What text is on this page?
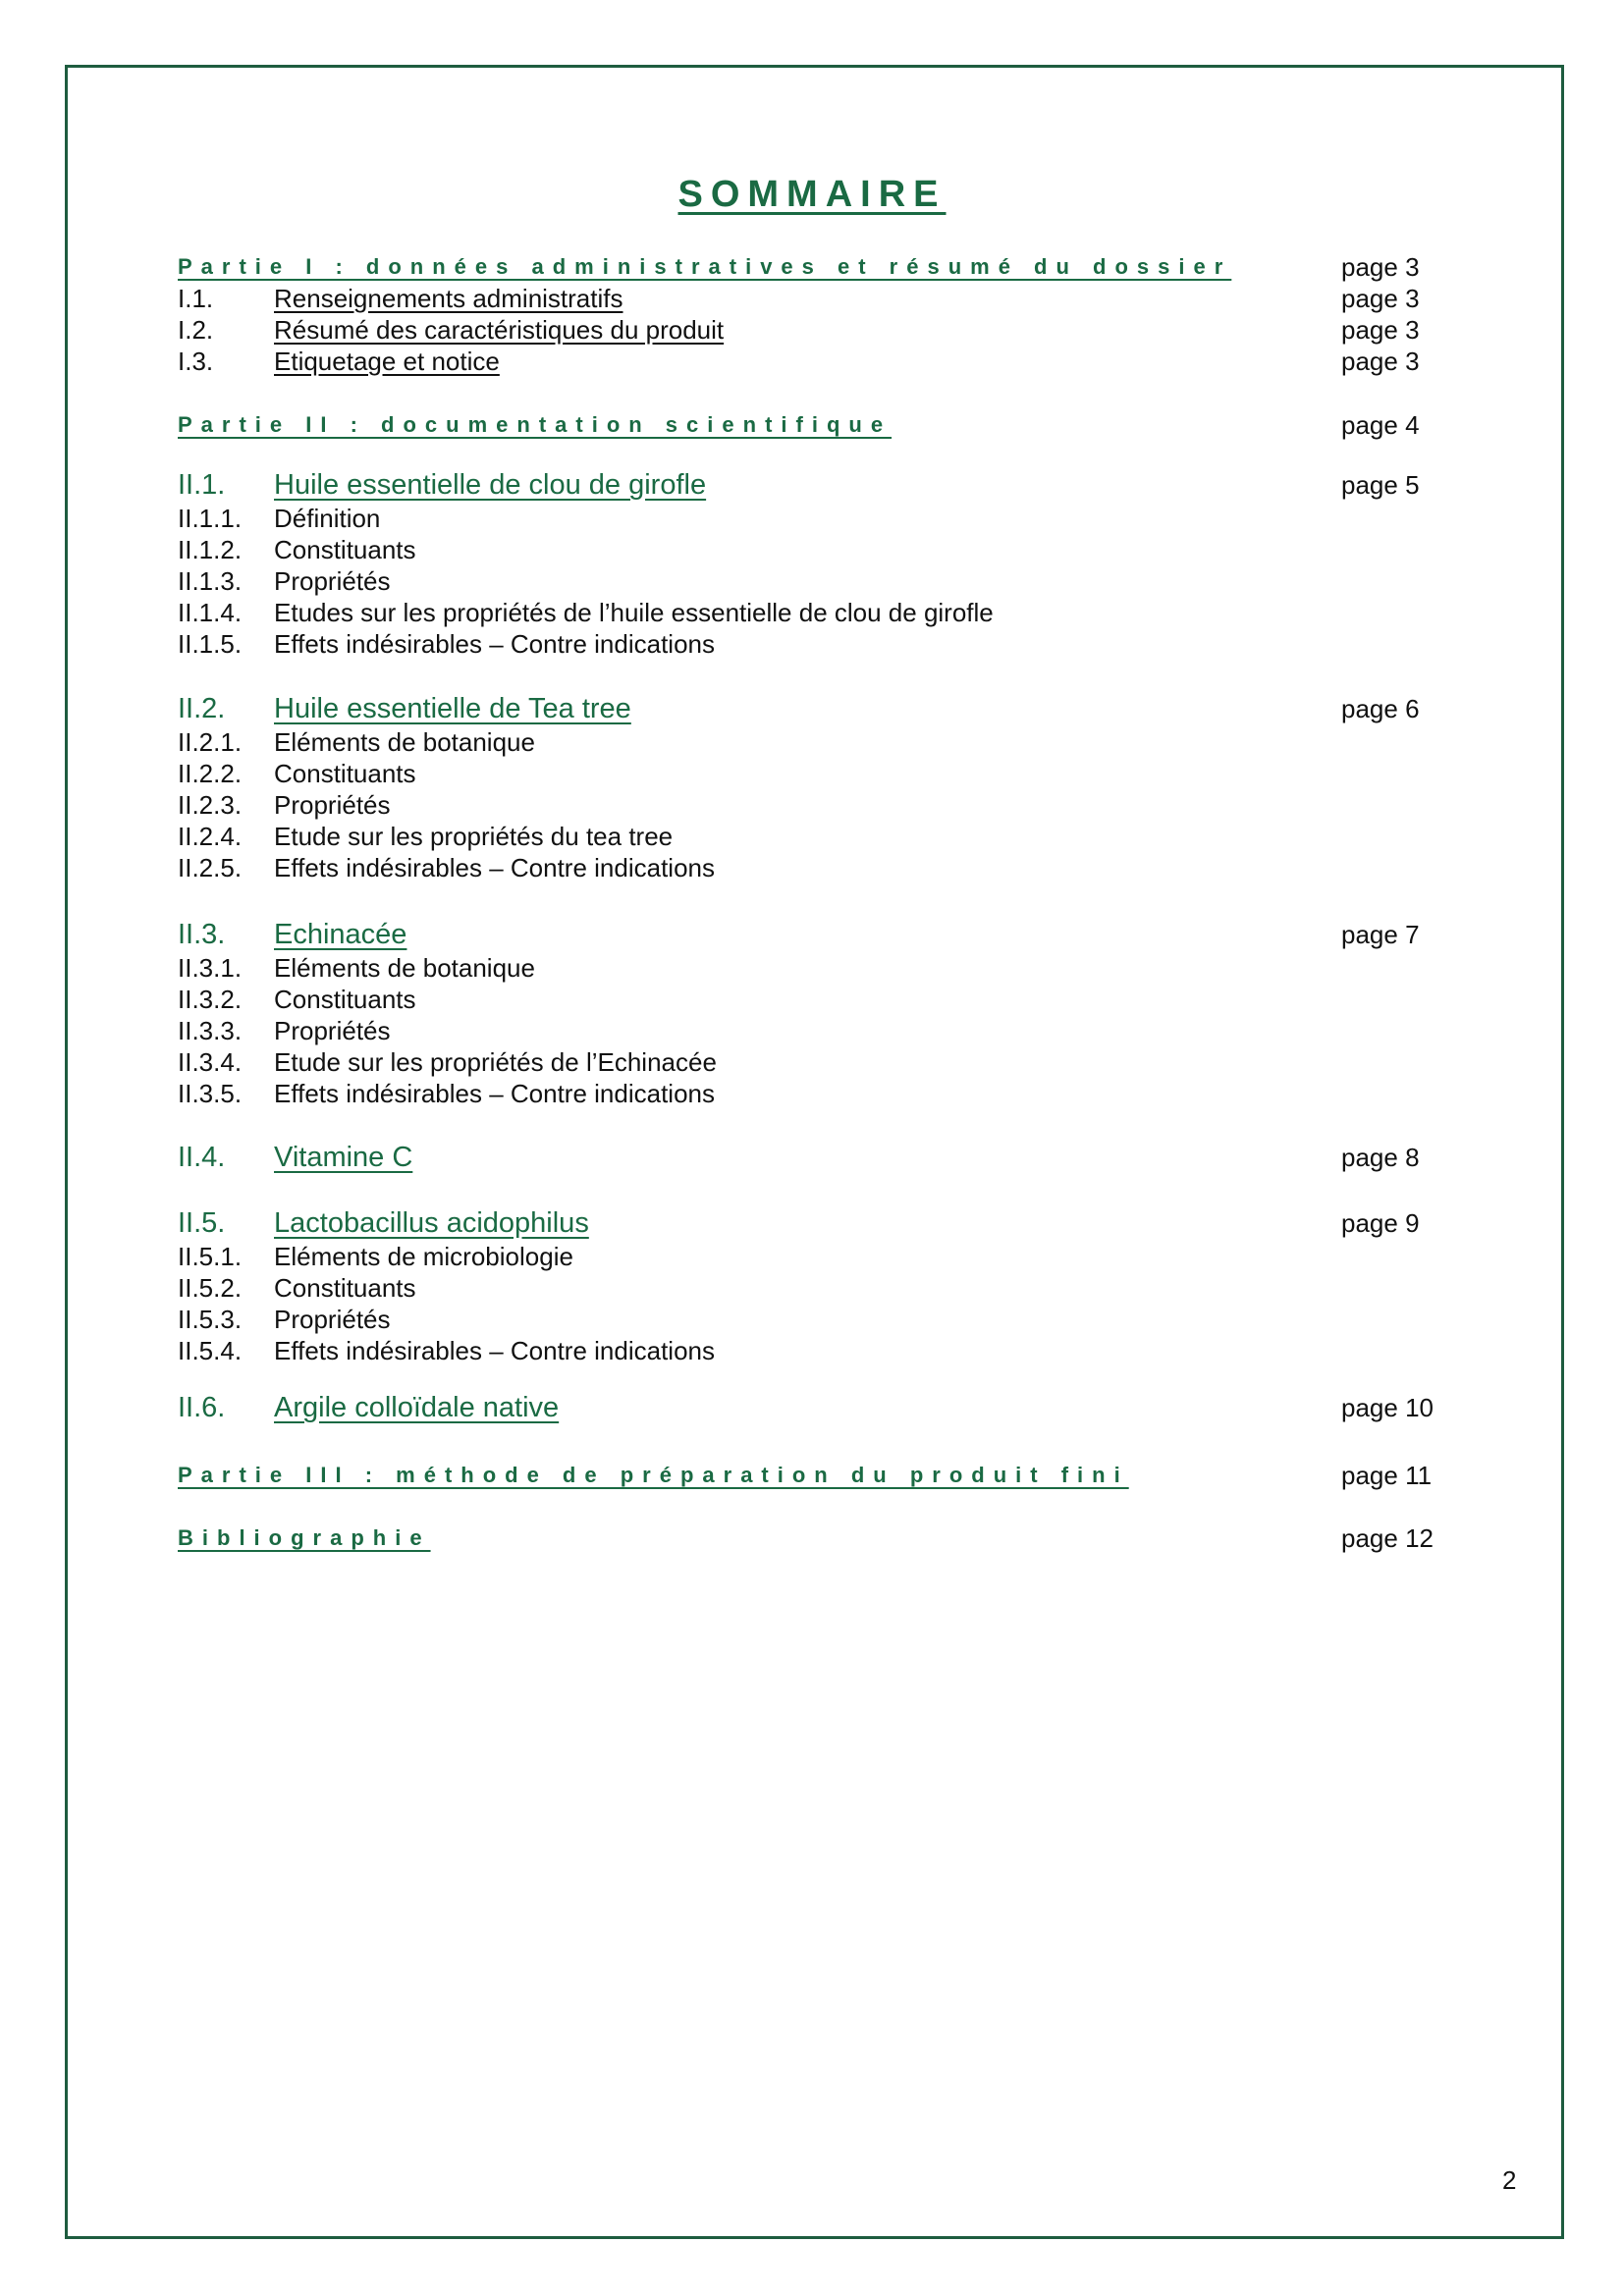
SOMMAIRE
Partie I : données administratives et résumé du dossier	page 3
I.1. Renseignements administratifs	page 3
I.2. Résumé des caractéristiques du produit	page 3
I.3. Etiquetage et notice	page 3
Partie II : documentation scientifique	page 4
II.1. Huile essentielle de clou de girofle	page 5
II.1.1. Définition
II.1.2. Constituants
II.1.3. Propriétés
II.1.4. Etudes sur les propriétés de l’huile essentielle de clou de girofle
II.1.5. Effets indésirables – Contre indications
II.2. Huile essentielle de Tea tree	page 6
II.2.1. Eléments de botanique
II.2.2. Constituants
II.2.3. Propriétés
II.2.4. Etude sur les propriétés du tea tree
II.2.5. Effets indésirables – Contre indications
II.3. Echinacée	page 7
II.3.1. Eléments de botanique
II.3.2. Constituants
II.3.3. Propriétés
II.3.4. Etude sur les propriétés de l’Echinacée
II.3.5. Effets indésirables – Contre indications
II.4. Vitamine C	page 8
II.5. Lactobacillus acidophilus	page 9
II.5.1. Eléments de microbiologie
II.5.2. Constituants
II.5.3. Propriétés
II.5.4. Effets indésirables – Contre indications
II.6. Argile colloïdale native	page 10
Partie III : méthode de préparation du produit fini	page 11
Bibliographie	page 12
2
